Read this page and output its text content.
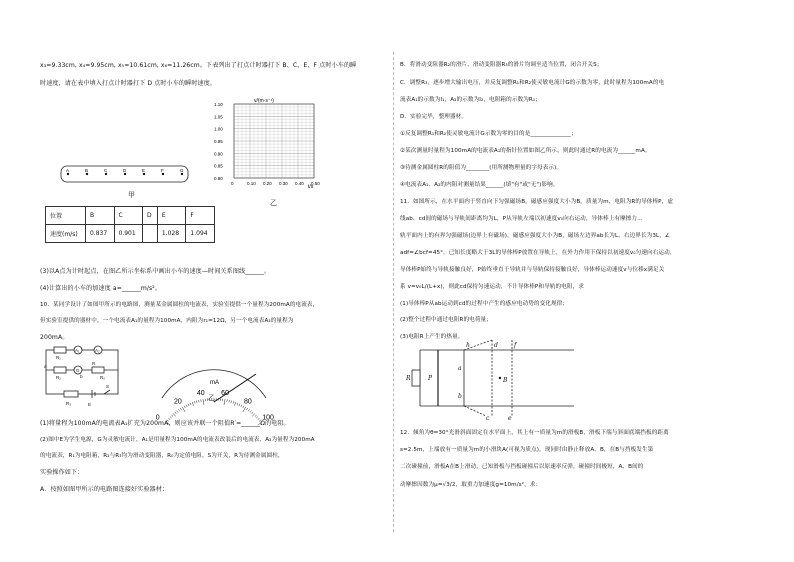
x₃=9.33cm, x₄=9.95cm, x₅=10.61cm, x₆=11.26cm。下表列出了打点计时器打下 B、C、E、F 点时小车的瞬
时速度，请在表中填入打点计时器打下 D 点时小车的瞬时速度。
A	B	C	D	E	F	G
甲
1.10
1.05
1.00
0.95
0.90
0.85
0.80
0	0.10 0.20 0.30 0.40 0.50
v/(m·s⁻¹)
t/s
乙
位置	B	C	D	E	F
速度(m/s)	0.837	0.901		1.028	1.094
(3)以A点为计时起点，在图乙所示坐标系中画出小车的速度—时间关系图线______。
(4)计算出的小车的加速度 a=______m/s²。
10．某同学设计了如图甲所示的电路图，测量某金属圆柱的电流表，实验室提供一个量程为200mA的电流表，
但实验室提供的器材中，一个电流表A₁的量程为100mA，内阻为r₁=12Ω，另一个电流表A₂的量程为
200mA。
A₁	A₂
G
R₁
R₂
R₃
R₀
R
E
S
a
b
0
20
40 60
80
100
mA
乙
(1)将量程为100mA的电流表A₁扩充为200mA，则应该并联一个阻值R′=______Ω的电阻。
(2)图中E为学生电源，G为灵敏电流计，A₁是用量程为100mA的电流表改装后的电流表，A₂为量程为200mA
的电流表，R₁为电阻箱，R₂与R₃均为滑动变阻器，R₀为定值电阻，S为开关，R为待测金属圆柱，
实验操作如下：
A．按照如图甲所示的电路图连接好实验器材；
B．将滑动变阻器R₂的滑片、滑动变阻器R₃的滑片均调至适当位置，闭合开关S；
C．调整R₃，逐步增大输出电压，并反复调整R₁和R₂使灵敏电流计G的示数为零，此时量程为100mA的电
流表A₁的示数为I₁，A₂的示数为I₂，电阻箱的示数为R₁；
D．实验完毕，整理器材。
①反复调整R₁和R₂使灵敏电流计G示数为零的目的是______________；
②某次测量时量程为100mA的电流表A₁的指针位置如图乙所示，则此时通过R的电流为______mA。
③待测金属圆柱R的阻值为________(用所测物理量的字母表示)。
④电流表A₁、A₂的内阻对测量结果______(填"有"或"无")影响。
11．如图所示，在水平面内于竖直向下匀强磁场B，磁感应强度大小为B，质量为m、电阻为R的导体棒P，虚
线ab、cd间的磁场与导轨间距离均为L，P从导轨左端以初速度v₀向右运动，导体棒上有摩擦力...
轨平面内上的有界匀强磁场(边界上有磁场)，磁感应强度大小为B，磁场左边界ab长为L，右边界长为3L，∠
adf=∠bcf=45°。已知长度略大于3L的导体棒P放置在导轨上，在外力作用下保持以初速度v₀匀速向右运动，
导体棒P始终与导轨接触良好，P始终垂直于导轨并与导轨保持接触良好，导体棒运动速度v与位移x满足关
系 v=v₀L/(L+x)，则此cd保持匀速运动，不计导体棒P和导轨的电阻，求
(1)导体棒P从ab运动到cd的过程中产生的感应电动势的变化规律；
(2)整个过程中通过电阻R的电荷量；
(3)电阻R上产生的热量。
h	d	f
a
b
c	e
P
R	B
12．倾角为θ=30°光滑斜面固定在水平面上，其上有一质量为m的滑板B，滑板下端与斜面底端挡板的距离
s=2.5m，上端放有一质量为m的小滑块A(可视为质点)。现同时由静止释放A、B，在B与挡板发生第
二次碰撞前，滑板A在B上滑动，已知滑板与挡板碰撞后以原速率反弹，碰撞时间极短，A、B间的
动摩擦因数为μ=√3/2，取重力加速度g=10m/s²，求：
